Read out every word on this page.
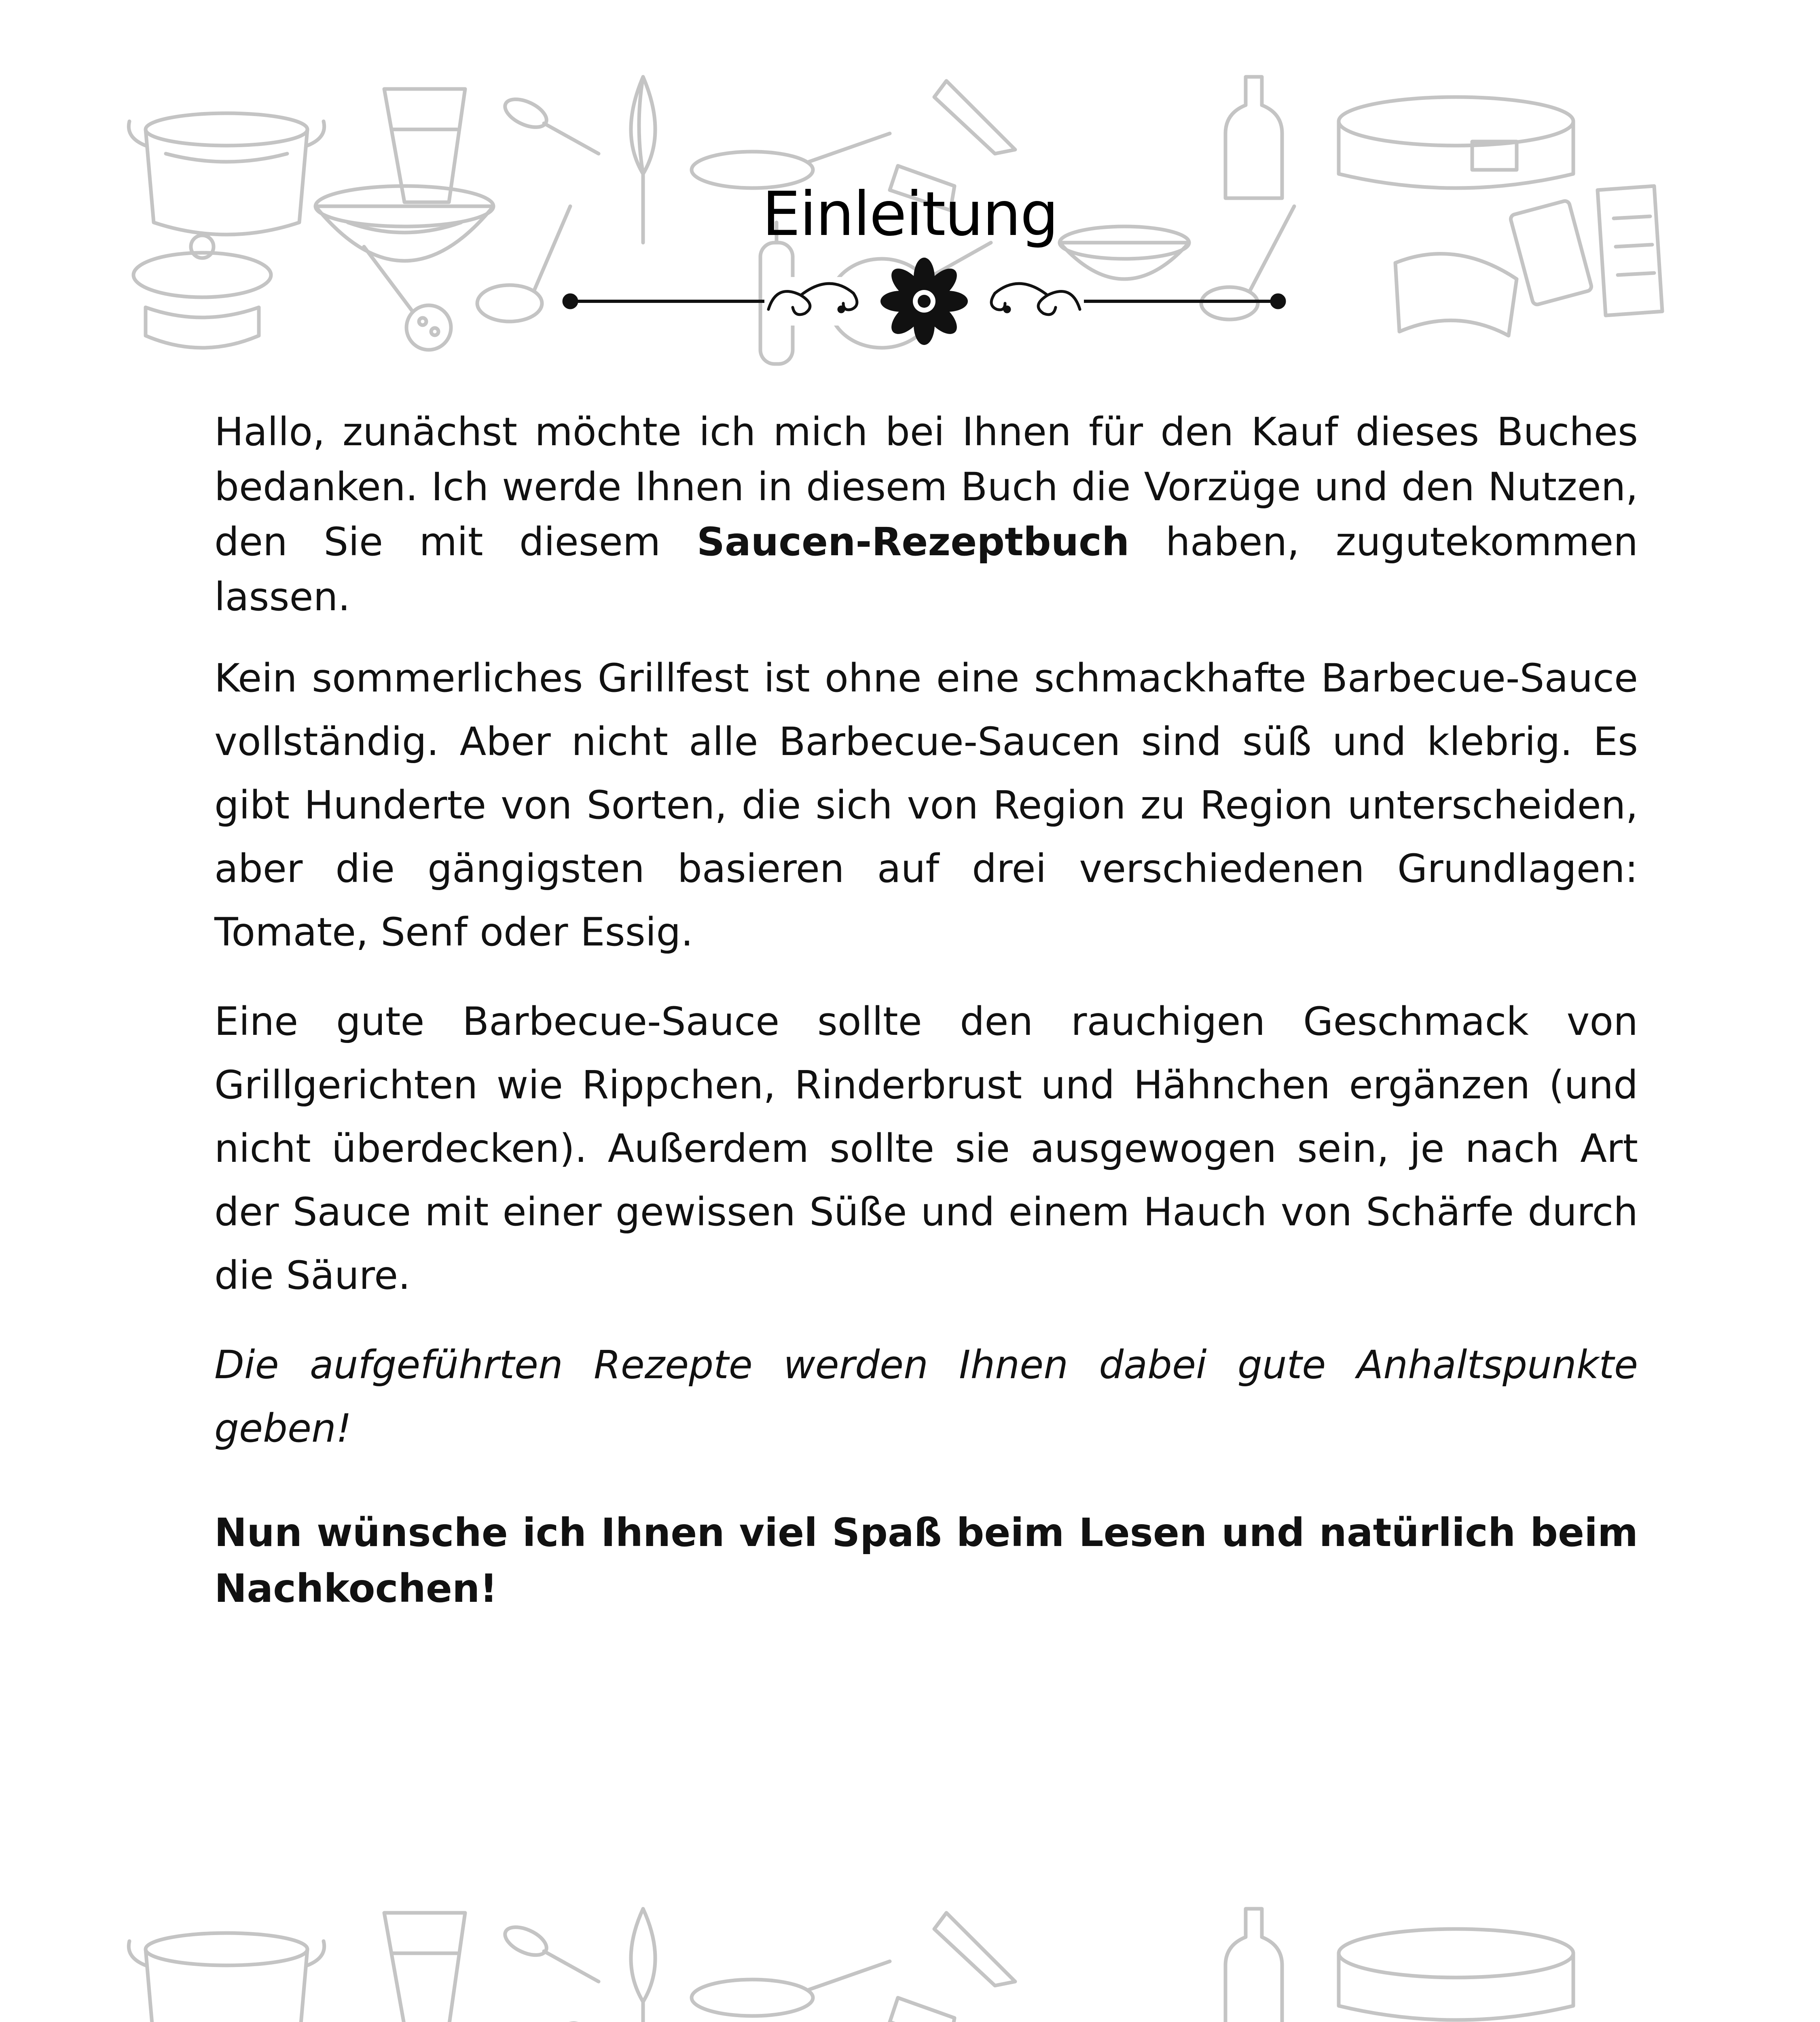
Einleitung

Hallo, zunächst möchte ich mich bei Ihnen für den Kauf dieses Buches bedanken. Ich werde Ihnen in diesem Buch die Vorzüge und den Nutzen, den Sie mit diesem Saucen-Rezeptbuch haben, zugutekommen lassen.

Kein sommerliches Grillfest ist ohne eine schmackhafte Barbecue-Sauce vollständig. Aber nicht alle Barbecue-Saucen sind süß und klebrig. Es gibt Hunderte von Sorten, die sich von Region zu Region unterscheiden, aber die gängigsten basieren auf drei verschiedenen Grundlagen: Tomate, Senf oder Essig.

Eine gute Barbecue-Sauce sollte den rauchigen Geschmack von Grillgerichten wie Rippchen, Rinderbrust und Hähnchen ergänzen (und nicht überdecken). Außerdem sollte sie ausgewogen sein, je nach Art der Sauce mit einer gewissen Süße und einem Hauch von Schärfe durch die Säure.

Die aufgeführten Rezepte werden Ihnen dabei gute Anhaltspunkte geben!

Nun wünsche ich Ihnen viel Spaß beim Lesen und natürlich beim Nachkochen!
